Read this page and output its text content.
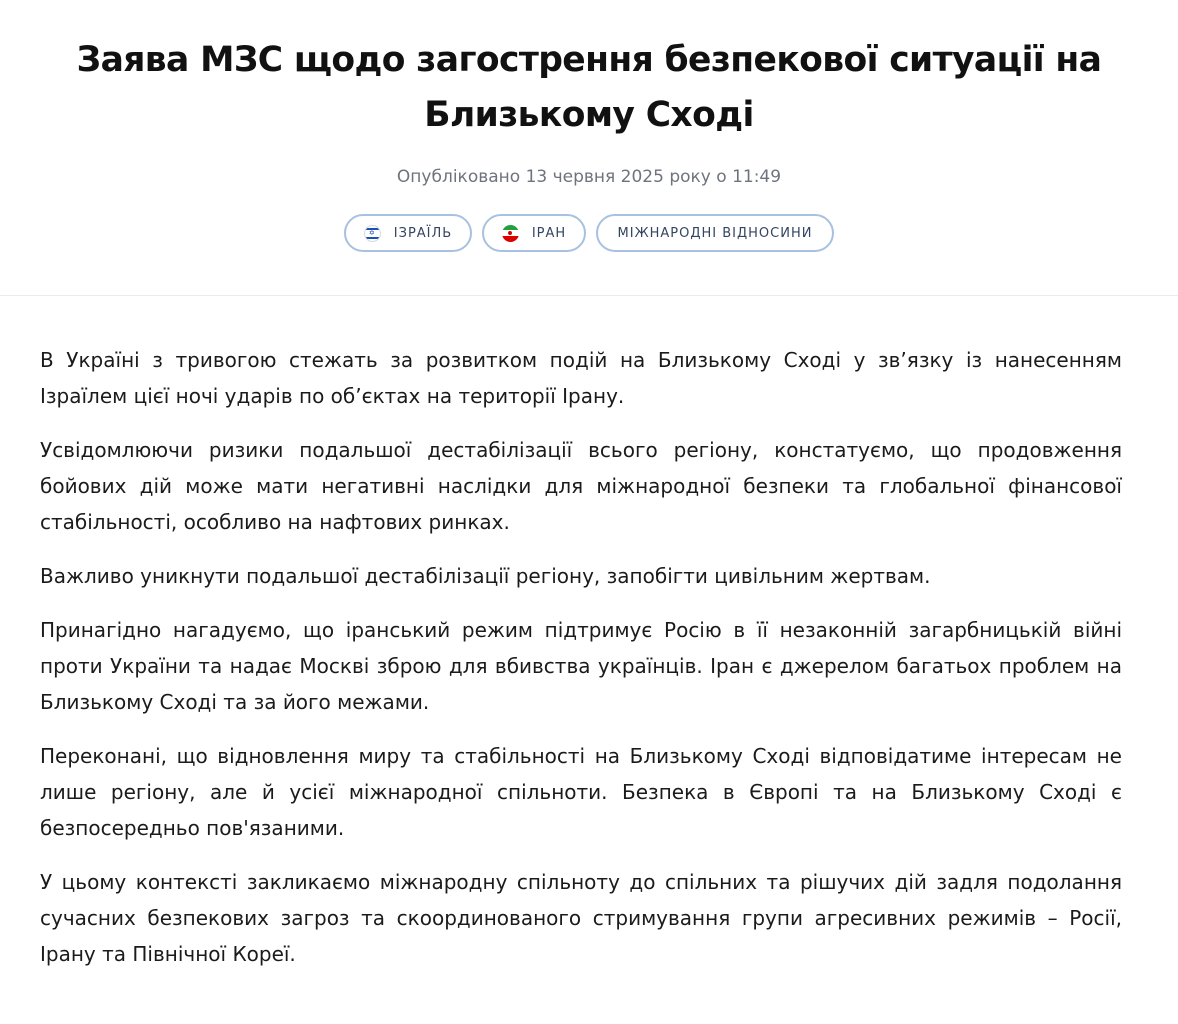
Заява МЗС щодо загострення безпекової ситуації на
Близькому Сході
Опубліковано 13 червня 2025 року о 11:49
✡	ІЗРАЇЛЬ	ІРАН	МІЖНАРОДНІ ВІДНОСИНИ

В Україні з тривогою стежать за розвитком подій на Близькому Сході у зв’язку із нанесенням Ізраїлем цієї ночі ударів по об’єктах на території Ірану.

Усвідомлюючи ризики подальшої дестабілізації всього регіону, констатуємо, що продовження бойових дій може мати негативні наслідки для міжнародної безпеки та глобальної фінансової стабільності, особливо на нафтових ринках.

Важливо уникнути подальшої дестабілізації регіону, запобігти цивільним жертвам.

Принагідно нагадуємо, що іранський режим підтримує Росію в її незаконній загарбницькій війні проти України та надає Москві зброю для вбивства українців. Іран є джерелом багатьох проблем на Близькому Сході та за його межами.

Переконані, що відновлення миру та стабільності на Близькому Сході відповідатиме інтересам не лише регіону, але й усієї міжнародної спільноти. Безпека в Європі та на Близькому Сході є безпосередньо пов'язаними.

У цьому контексті закликаємо міжнародну спільноту до спільних та рішучих дій задля подолання сучасних безпекових загроз та скоординованого стримування групи агресивних режимів – Росії, Ірану та Північної Кореї.
